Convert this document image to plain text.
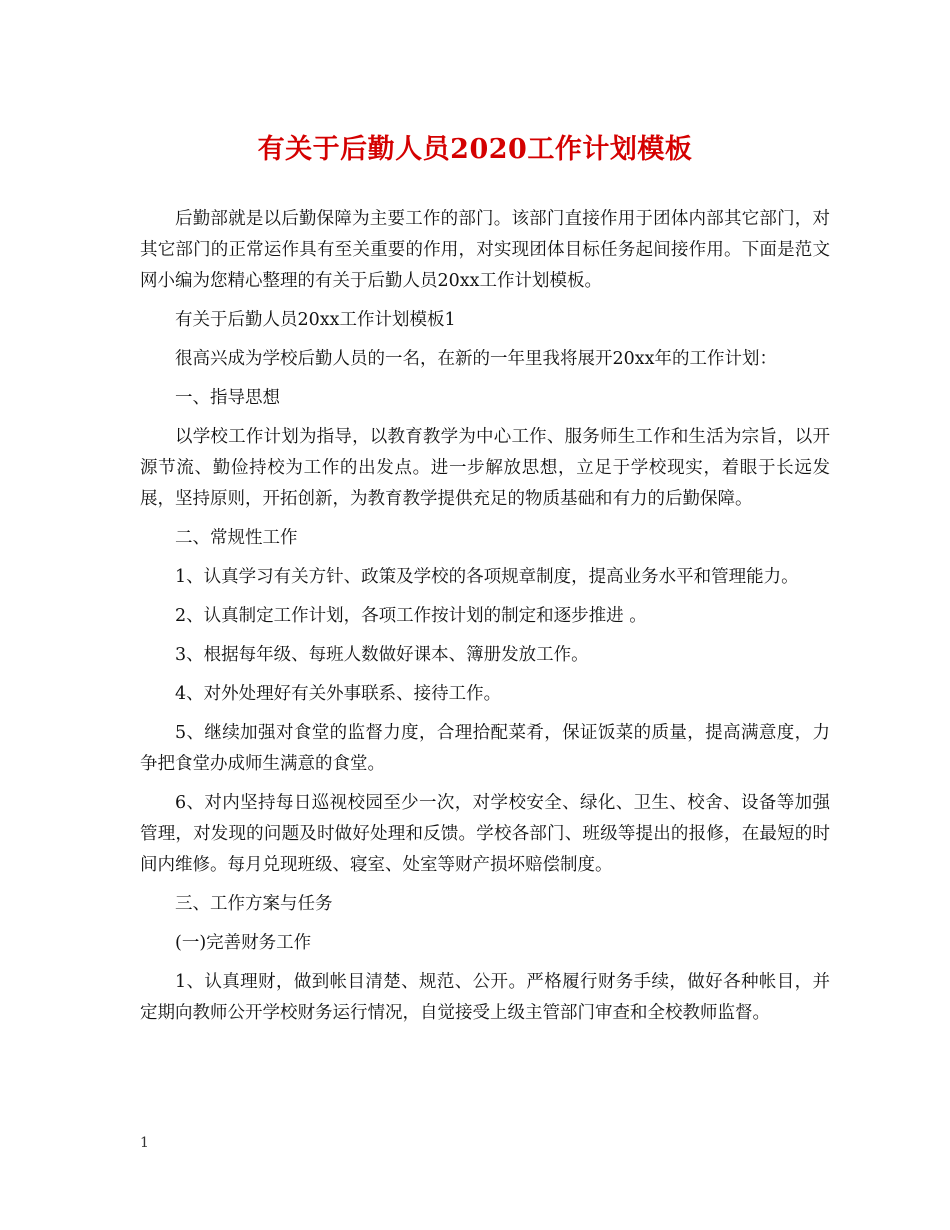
有关于后勤人员2020工作计划模板

后勤部就是以后勤保障为主要工作的部门。该部门直接作用于团体内部其它部门，对其它部门的正常运作具有至关重要的作用，对实现团体目标任务起间接作用。下面是范文网小编为您精心整理的有关于后勤人员20xx工作计划模板。

有关于后勤人员20xx工作计划模板1

很高兴成为学校后勤人员的一名，在新的一年里我将展开20xx年的工作计划：

一、指导思想

以学校工作计划为指导，以教育教学为中心工作、服务师生工作和生活为宗旨，以开源节流、勤俭持校为工作的出发点。进一步解放思想，立足于学校现实，着眼于长远发展，坚持原则，开拓创新，为教育教学提供充足的物质基础和有力的后勤保障。

二、常规性工作

1、认真学习有关方针、政策及学校的各项规章制度，提高业务水平和管理能力。

2、认真制定工作计划，各项工作按计划的制定和逐步推进 。

3、根据每年级、每班人数做好课本、簿册发放工作。

4、对外处理好有关外事联系、接待工作。

5、继续加强对食堂的监督力度，合理拾配菜肴，保证饭菜的质量，提高满意度，力争把食堂办成师生满意的食堂。

6、对内坚持每日巡视校园至少一次，对学校安全、绿化、卫生、校舍、设备等加强管理，对发现的问题及时做好处理和反馈。学校各部门、班级等提出的报修，在最短的时间内维修。每月兑现班级、寝室、处室等财产损坏赔偿制度。

三、工作方案与任务

(一)完善财务工作

1、认真理财，做到帐目清楚、规范、公开。严格履行财务手续，做好各种帐目，并定期向教师公开学校财务运行情况，自觉接受上级主管部门审查和全校教师监督。

1
